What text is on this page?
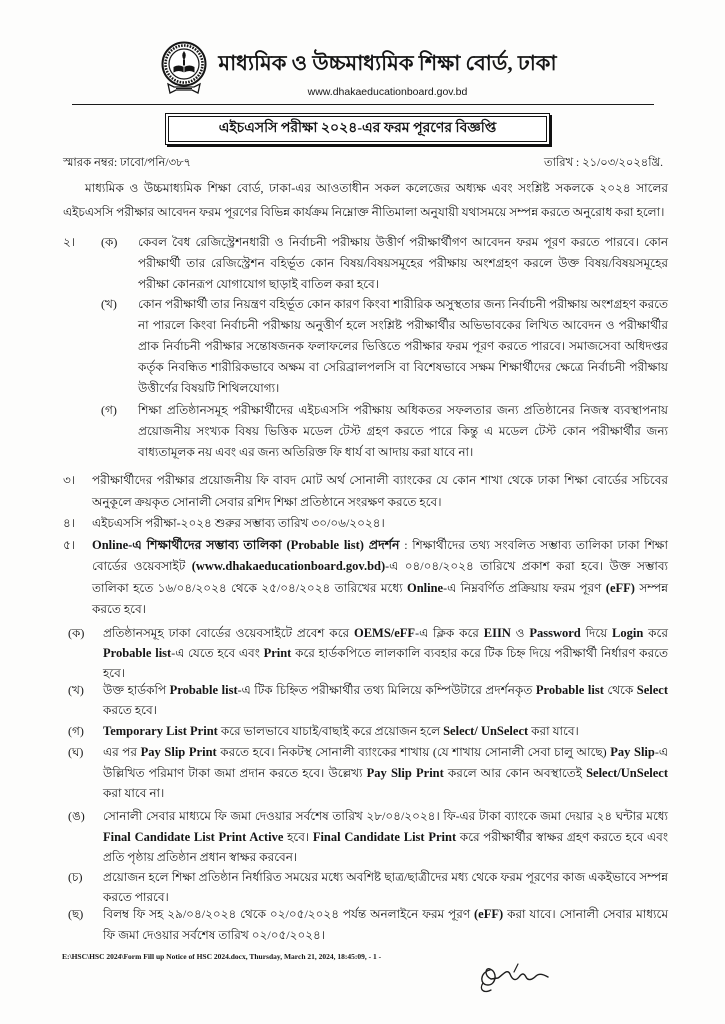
মাধ্যমিক ও উচ্চমাধ্যমিক শিক্ষা বোর্ড, ঢাকা
www.dhakaeducationboard.gov.bd
এইচএসসি পরীক্ষা ২০২৪-এর ফরম পূরণের বিজ্ঞপ্তি
স্মারক নম্বর: ঢাবো/পনি/৩৮৭	তারিখ : ২১/০৩/২০২৪খ্রি.

মাধ্যমিক ও উচ্চমাধ্যমিক শিক্ষা বোর্ড, ঢাকা-এর আওতাধীন সকল কলেজের অধ্যক্ষ এবং সংশ্লিষ্ট সকলকে ২০২৪ সালের এইচএসসি পরীক্ষার আবেদন ফরম পূরণের বিভিন্ন কার্যক্রম নিম্নোক্ত নীতিমালা অনুযায়ী যথাসময়ে সম্পন্ন করতে অনুরোধ করা হলো।

২। (ক) কেবল বৈধ রেজিস্ট্রেশনধারী ও নির্বাচনী পরীক্ষায় উত্তীর্ণ পরীক্ষার্থীগণ আবেদন ফরম পূরণ করতে পারবে। কোন পরীক্ষার্থী তার রেজিস্ট্রেশন বহির্ভূত কোন বিষয়/বিষয়সমূহের পরীক্ষায় অংশগ্রহণ করলে উক্ত বিষয়/বিষয়সমূহের পরীক্ষা কোনরূপ যোগাযোগ ছাড়াই বাতিল করা হবে।

(খ) কোন পরীক্ষার্থী তার নিয়ন্ত্রণ বহির্ভূত কোন কারণ কিংবা শারীরিক অসুস্থতার জন্য নির্বাচনী পরীক্ষায় অংশগ্রহণ করতে না পারলে কিংবা নির্বাচনী পরীক্ষায় অনুত্তীর্ণ হলে সংশ্লিষ্ট পরীক্ষার্থীর অভিভাবকের লিখিত আবেদন ও পরীক্ষার্থীর প্রাক নির্বাচনী পরীক্ষার সন্তোষজনক ফলাফলের ভিত্তিতে পরীক্ষার ফরম পূরণ করতে পারবে। সমাজসেবা অধিদপ্তর কর্তৃক নিবন্ধিত শারীরিকভাবে অক্ষম বা সেরিব্রালপলসি বা বিশেষভাবে সক্ষম শিক্ষার্থীদের ক্ষেত্রে নির্বাচনী পরীক্ষায় উত্তীর্ণের বিষয়টি শিথিলযোগ্য।

(গ) শিক্ষা প্রতিষ্ঠানসমূহ পরীক্ষার্থীদের এইচএসসি পরীক্ষায় অধিকতর সফলতার জন্য প্রতিষ্ঠানের নিজস্ব ব্যবস্থাপনায় প্রয়োজনীয় সংখ্যক বিষয় ভিত্তিক মডেল টেস্ট গ্রহণ করতে পারে কিন্তু এ মডেল টেস্ট কোন পরীক্ষার্থীর জন্য বাধ্যতামূলক নয় এবং এর জন্য অতিরিক্ত ফি ধার্য বা আদায় করা যাবে না।

৩। পরীক্ষার্থীদের পরীক্ষার প্রয়োজনীয় ফি বাবদ মোট অর্থ সোনালী ব্যাংকের যে কোন শাখা থেকে ঢাকা শিক্ষা বোর্ডের সচিবের অনুকূলে ক্রয়কৃত সোনালী সেবার রশিদ শিক্ষা প্রতিষ্ঠানে সংরক্ষণ করতে হবে।

৪। এইচএসসি পরীক্ষা-২০২৪ শুরুর সম্ভাব্য তারিখ ৩০/০৬/২০২৪।

৫। Online-এ শিক্ষার্থীদের সম্ভাব্য তালিকা (Probable list) প্রদর্শন : শিক্ষার্থীদের তথ্য সংবলিত সম্ভাব্য তালিকা ঢাকা শিক্ষা বোর্ডের ওয়েবসাইট (www.dhakaeducationboard.gov.bd)-এ ০৪/০৪/২০২৪ তারিখে প্রকাশ করা হবে। উক্ত সম্ভাব্য তালিকা হতে ১৬/০৪/২০২৪ থেকে ২৫/০৪/২০২৪ তারিখের মধ্যে Online-এ নিম্নবর্ণিত প্রক্রিয়ায় ফরম পূরণ (eFF) সম্পন্ন করতে হবে।

(ক) প্রতিষ্ঠানসমূহ ঢাকা বোর্ডের ওয়েবসাইটে প্রবেশ করে OEMS/eFF-এ ক্লিক করে EIIN ও Password দিয়ে Login করে Probable list-এ যেতে হবে এবং Print করে হার্ডকপিতে লালকালি ব্যবহার করে টিক চিহ্ন দিয়ে পরীক্ষার্থী নির্ধারণ করতে হবে।

(খ) উক্ত হার্ডকপি Probable list-এ টিক চিহ্নিত পরীক্ষার্থীর তথ্য মিলিয়ে কম্পিউটারে প্রদর্শনকৃত Probable list থেকে Select করতে হবে।

(গ) Temporary List Print করে ভালভাবে যাচাই/বাছাই করে প্রয়োজন হলে Select/ UnSelect করা যাবে।

(ঘ) এর পর Pay Slip Print করতে হবে। নিকটস্থ সোনালী ব্যাংকের শাখায় (যে শাখায় সোনালী সেবা চালু আছে) Pay Slip-এ উল্লিখিত পরিমাণ টাকা জমা প্রদান করতে হবে। উল্লেখ্য Pay Slip Print করলে আর কোন অবস্থাতেই Select/UnSelect করা যাবে না।

(ঙ) সোনালী সেবার মাধ্যমে ফি জমা দেওয়ার সর্বশেষ তারিখ ২৮/০৪/২০২৪। ফি-এর টাকা ব্যাংকে জমা দেয়ার ২৪ ঘন্টার মধ্যে Final Candidate List Print Active হবে। Final Candidate List Print করে পরীক্ষার্থীর স্বাক্ষর গ্রহণ করতে হবে এবং প্রতি পৃষ্ঠায় প্রতিষ্ঠান প্রধান স্বাক্ষর করবেন।

(চ) প্রয়োজন হলে শিক্ষা প্রতিষ্ঠান নির্ধারিত সময়ের মধ্যে অবশিষ্ট ছাত্র/ছাত্রীদের মধ্য থেকে ফরম পূরণের কাজ একইভাবে সম্পন্ন করতে পারবে।

(ছ) বিলম্ব ফি সহ ২৯/০৪/২০২৪ থেকে ০২/০৫/২০২৪ পর্যন্ত অনলাইনে ফরম পূরণ (eFF) করা যাবে। সোনালী সেবার মাধ্যমে ফি জমা দেওয়ার সর্বশেষ তারিখ ০২/০৫/২০২৪।

E:\HSC\HSC 2024\Form Fill up Notice of HSC 2024.docx, Thursday, March 21, 2024, 18:45:09, - 1 -
